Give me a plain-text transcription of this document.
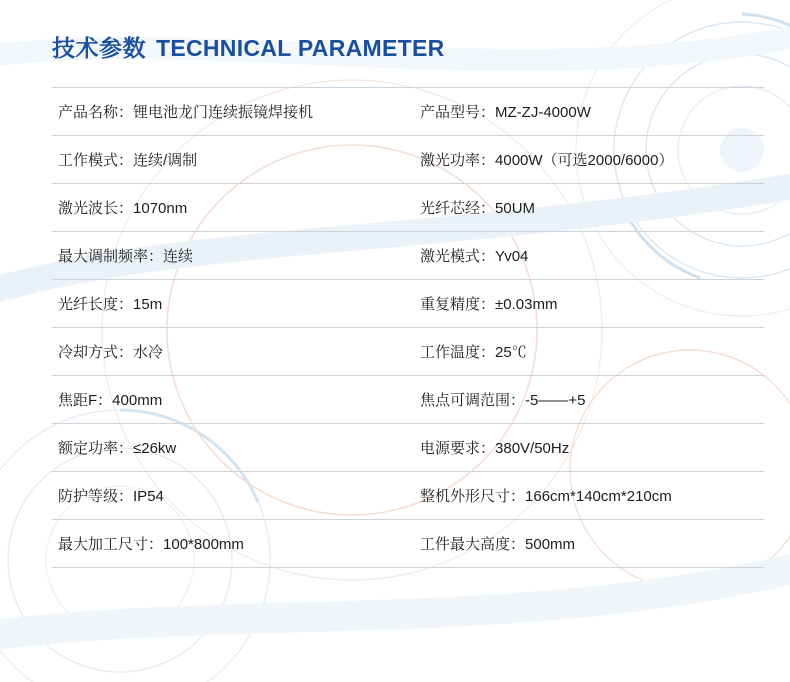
技术参数 TECHNICAL PARAMETER
产品名称：锂电池龙门连续振镜焊接机	产品型号：MZ-ZJ-4000W
工作模式：连续/调制	激光功率：4000W（可选2000/6000）
激光波长：1070nm	光纤芯经：50UM
最大调制频率：连续	激光模式：Yv04
光纤长度：15m	重复精度：±0.03mm
冷却方式：水冷	工作温度：25℃
焦距F：400mm	焦点可调范围：-5——+5
额定功率：≤26kw	电源要求：380V/50Hz
防护等级：IP54	整机外形尺寸：166cm*140cm*210cm
最大加工尺寸：100*800mm	工件最大高度：500mm
